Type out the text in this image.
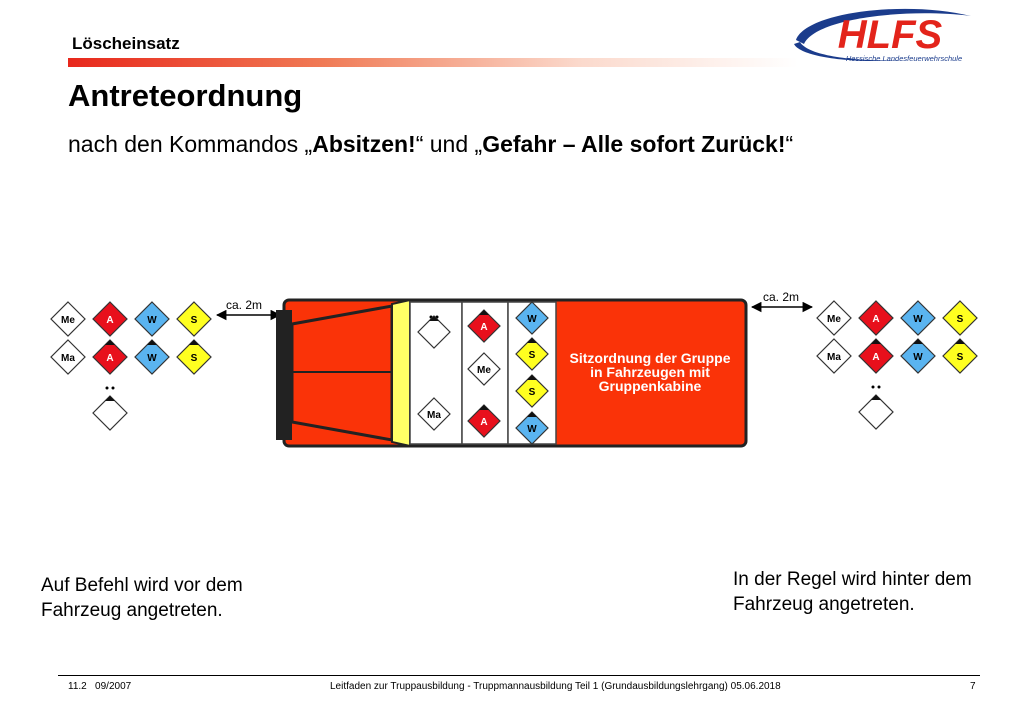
Löscheinsatz	HLFS
Hessische Landesfeuerwehrschule
Antreteordnung
nach den Kommandos „Absitzen!“ und „Gefahr – Alle sofort Zurück!“
Me	A	W	S
Ma	A	W	S
Me	A	W	S
Ma	A	W	S
ca. 2m
ca. 2m
Ma
A
Me
A
W
S
S
W
Sitzordnung der Gruppe
in Fahrzeugen mit
Gruppenkabine
Auf Befehl wird vor dem Fahrzeug angetreten.
In der Regel wird hinter dem Fahrzeug angetreten.
11.2   09/2007	Leitfaden zur Truppausbildung - Truppmannausbildung Teil 1 (Grundausbildungslehrgang) 05.06.2018	7
